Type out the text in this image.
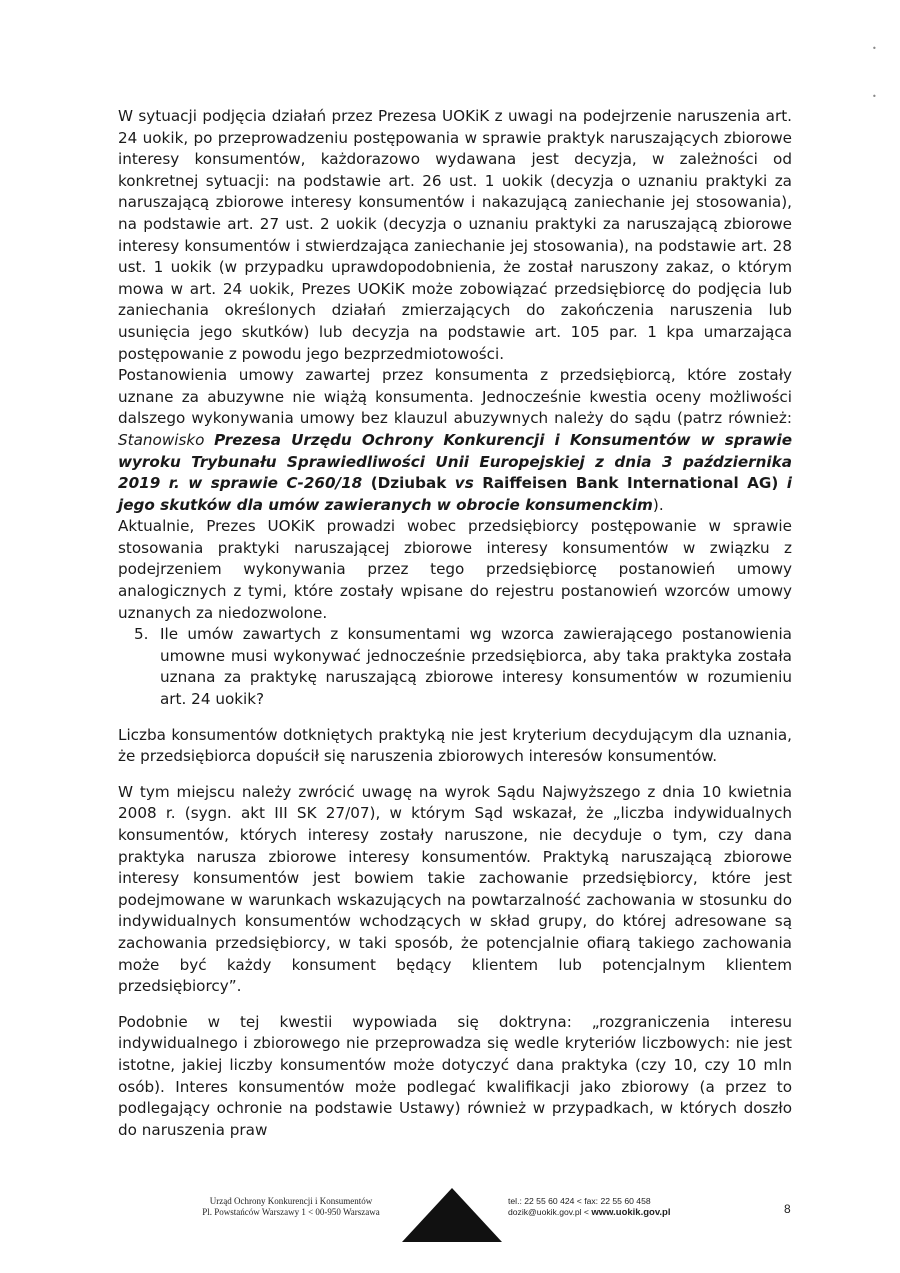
•
•

W sytuacji podjęcia działań przez Prezesa UOKiK z uwagi na podejrzenie naruszenia art. 24 uokik, po przeprowadzeniu postępowania w sprawie praktyk naruszających zbiorowe interesy konsumentów, każdorazowo wydawana jest decyzja, w zależności od konkretnej sytuacji: na podstawie art. 26 ust. 1 uokik (decyzja o uznaniu praktyki za naruszającą zbiorowe interesy konsumentów i nakazującą zaniechanie jej stosowania), na podstawie art. 27 ust. 2 uokik (decyzja o uznaniu praktyki za naruszającą zbiorowe interesy konsumentów i stwierdzająca zaniechanie jej stosowania), na podstawie art. 28 ust. 1 uokik (w przypadku uprawdopodobnienia, że został naruszony zakaz, o którym mowa w art. 24 uokik, Prezes UOKiK może zobowiązać przedsiębiorcę do podjęcia lub zaniechania określonych działań zmierzających do zakończenia naruszenia lub usunięcia jego skutków) lub decyzja na podstawie art. 105 par. 1 kpa umarzająca postępowanie z powodu jego bezprzedmiotowości.

Postanowienia umowy zawartej przez konsumenta z przedsiębiorcą, które zostały uznane za abuzywne nie wiążą konsumenta. Jednocześnie kwestia oceny możliwości dalszego wykonywania umowy bez klauzul abuzywnych należy do sądu (patrz również: Stanowisko Prezesa Urzędu Ochrony Konkurencji i Konsumentów w sprawie wyroku Trybunału Sprawiedliwości Unii Europejskiej z dnia 3 października 2019 r. w sprawie C-260/18 (Dziubak vs Raiffeisen Bank International AG) i jego skutków dla umów zawieranych w obrocie konsumenckim).

Aktualnie, Prezes UOKiK prowadzi wobec przedsiębiorcy postępowanie w sprawie stosowania praktyki naruszającej zbiorowe interesy konsumentów w związku z podejrzeniem wykonywania przez tego przedsiębiorcę postanowień umowy analogicznych z tymi, które zostały wpisane do rejestru postanowień wzorców umowy uznanych za niedozwolone.

5. Ile umów zawartych z konsumentami wg wzorca zawierającego postanowienia umowne musi wykonywać jednocześnie przedsiębiorca, aby taka praktyka została uznana za praktykę naruszającą zbiorowe interesy konsumentów w rozumieniu art. 24 uokik?

Liczba konsumentów dotkniętych praktyką nie jest kryterium decydującym dla uznania, że przedsiębiorca dopuścił się naruszenia zbiorowych interesów konsumentów.

W tym miejscu należy zwrócić uwagę na wyrok Sądu Najwyższego z dnia 10 kwietnia 2008 r. (sygn. akt III SK 27/07), w którym Sąd wskazał, że „liczba indywidualnych konsumentów, których interesy zostały naruszone, nie decyduje o tym, czy dana praktyka narusza zbiorowe interesy konsumentów. Praktyką naruszającą zbiorowe interesy konsumentów jest bowiem takie zachowanie przedsiębiorcy, które jest podejmowane w warunkach wskazujących na powtarzalność zachowania w stosunku do indywidualnych konsumentów wchodzących w skład grupy, do której adresowane są zachowania przedsiębiorcy, w taki sposób, że potencjalnie ofiarą takiego zachowania może być każdy konsument będący klientem lub potencjalnym klientem przedsiębiorcy”.

Podobnie w tej kwestii wypowiada się doktryna: „rozgraniczenia interesu indywidualnego i zbiorowego nie przeprowadza się wedle kryteriów liczbowych: nie jest istotne, jakiej liczby konsumentów może dotyczyć dana praktyka (czy 10, czy 10 mln osób). Interes konsumentów może podlegać kwalifikacji jako zbiorowy (a przez to podlegający ochronie na podstawie Ustawy) również w przypadkach, w których doszło do naruszenia praw

Urząd Ochrony Konkurencji i Konsumentów
Pl. Powstańców Warszawy 1 < 00-950 Warszawa
tel.: 22 55 60 424 < fax: 22 55 60 458
dozik@uokik.gov.pl < www.uokik.gov.pl	8
